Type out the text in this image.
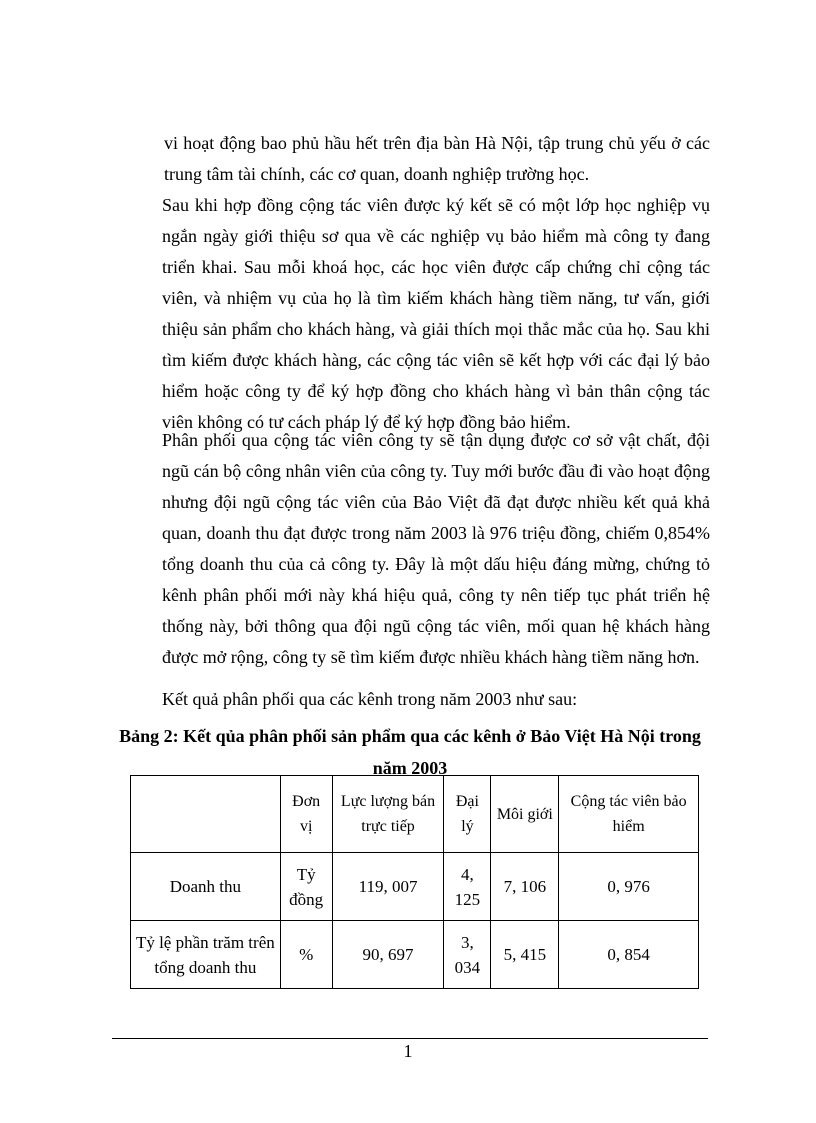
vi hoạt động bao phủ hầu hết trên địa bàn Hà Nội, tập trung chủ yếu ở các trung tâm tài chính, các cơ quan, doanh nghiệp trường học.

Sau khi hợp đồng cộng tác viên được ký kết sẽ có một lớp học nghiệp vụ ngắn ngày giới thiệu sơ qua về các nghiệp vụ bảo hiểm mà công ty đang triển khai. Sau mỗi khoá học, các học viên được cấp chứng chỉ cộng tác viên, và nhiệm vụ của họ là tìm kiếm khách hàng tiềm năng, tư vấn, giới thiệu sản phẩm cho khách hàng, và giải thích mọi thắc mắc của họ. Sau khi tìm kiếm được khách hàng, các cộng tác viên sẽ kết hợp với các đại lý bảo hiểm hoặc công ty để ký hợp đồng cho khách hàng vì bản thân cộng tác viên không có tư cách pháp lý để ký hợp đồng bảo hiểm.

Phân phối qua cộng tác viên công ty sẽ tận dụng được cơ sở vật chất, đội ngũ cán bộ công nhân viên của công ty. Tuy mới bước đầu đi vào hoạt động nhưng đội ngũ cộng tác viên của Bảo Việt đã đạt được nhiều kết quả khả quan, doanh thu đạt được trong năm 2003 là 976 triệu đồng, chiếm 0,854% tổng doanh thu của cả công ty. Đây là một dấu hiệu đáng mừng, chứng tỏ kênh phân phối mới này khá hiệu quả, công ty nên tiếp tục phát triển hệ thống này, bởi thông qua đội ngũ cộng tác viên, mối quan hệ khách hàng được mở rộng, công ty sẽ tìm kiếm được nhiều khách hàng tiềm năng hơn.

Kết quả phân phối qua các kênh trong năm 2003 như sau:

Bảng 2: Kết qủa phân phối sản phẩm qua các kênh ở Bảo Việt Hà Nội trong năm 2003

	Đơn vị	Lực lượng bán trực tiếp	Đại lý	Môi giới	Cộng tác viên bảo hiểm
Doanh thu	Tỷ đồng	119, 007	4, 125	7, 106	0, 976
Tỷ lệ phần trăm trên tổng doanh thu	%	90, 697	3, 034	5, 415	0, 854
1
